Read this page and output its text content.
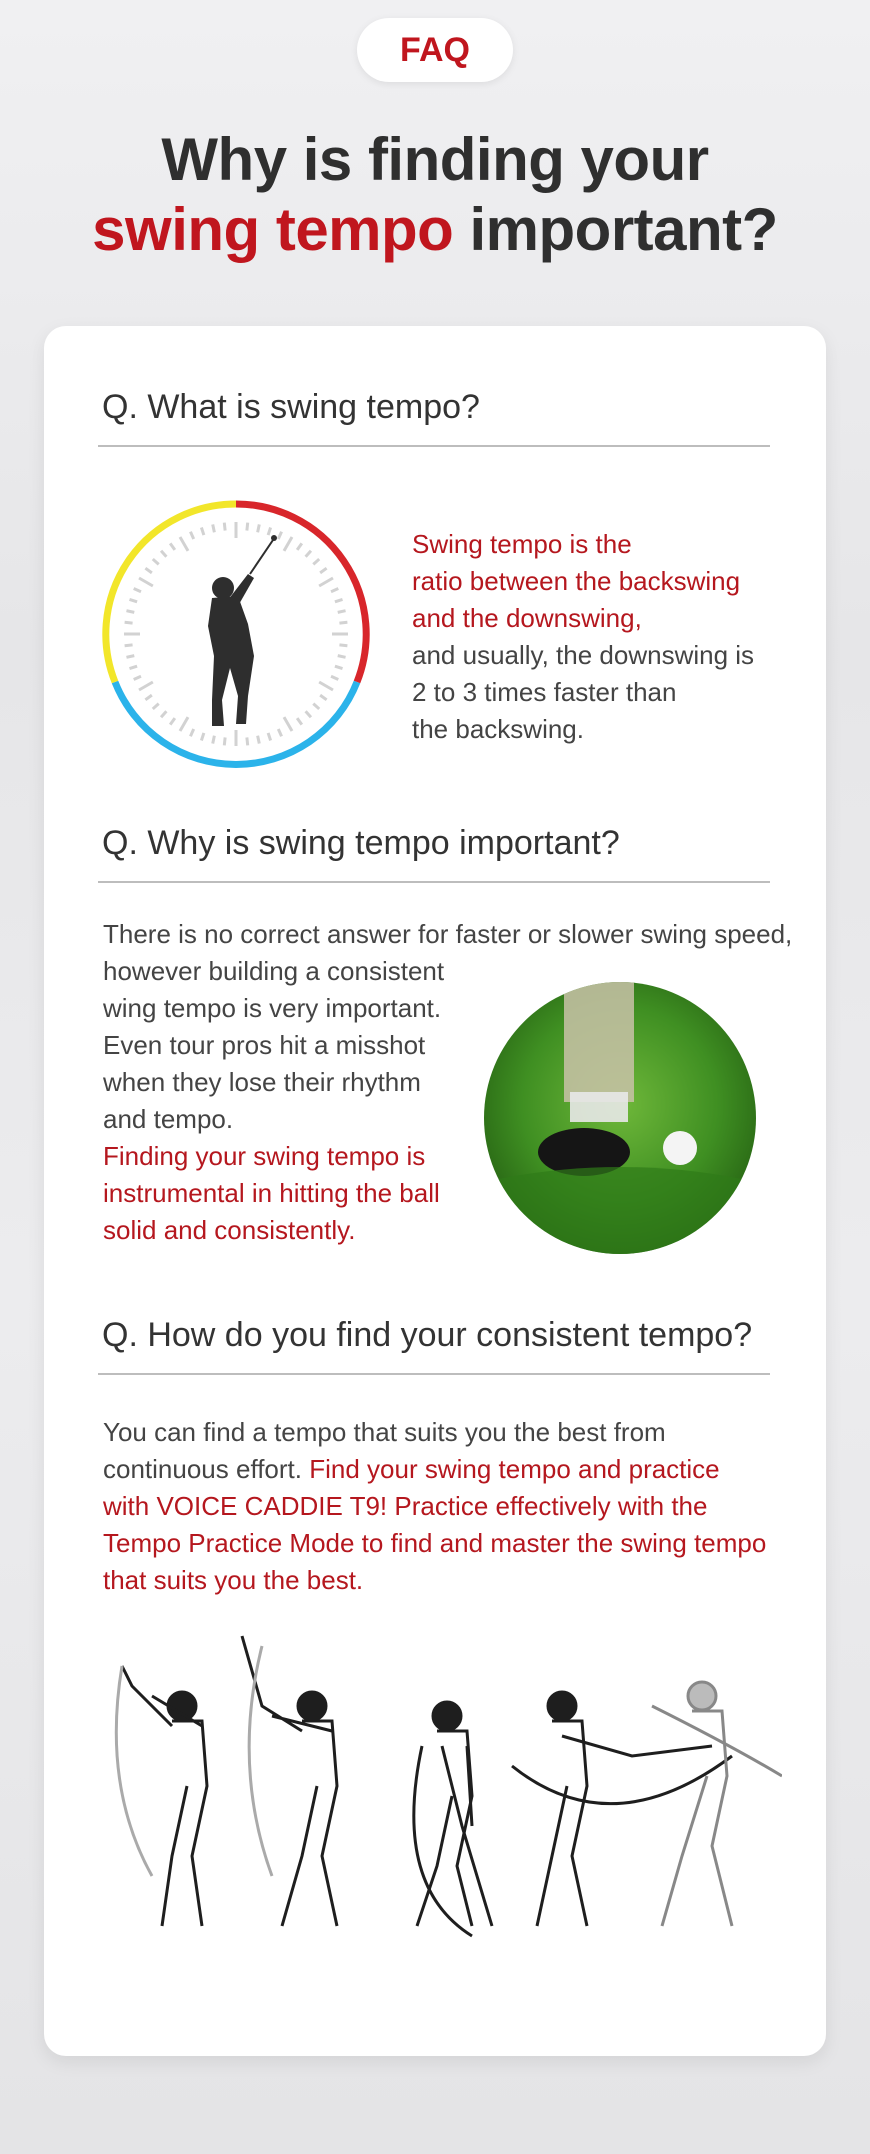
FAQ
Why is finding your
swing tempo important?
Q. What is swing tempo?
Swing tempo is the
ratio between the backswing
and the downswing,
and usually, the downswing is
2 to 3 times faster than
the backswing.
Q. Why is swing tempo important?
There is no correct answer for faster or slower swing speed,
however building a consistent
wing tempo is very important.
Even tour pros hit a misshot
when they lose their rhythm
and tempo.
Finding your swing tempo is
instrumental in hitting the ball
solid and consistently.
Q. How do you find your consistent tempo?
You can find a tempo that suits you the best from
continuous effort. Find your swing tempo and practice
with VOICE CADDIE T9! Practice effectively with the
Tempo Practice Mode to find and master the swing tempo
that suits you the best.
